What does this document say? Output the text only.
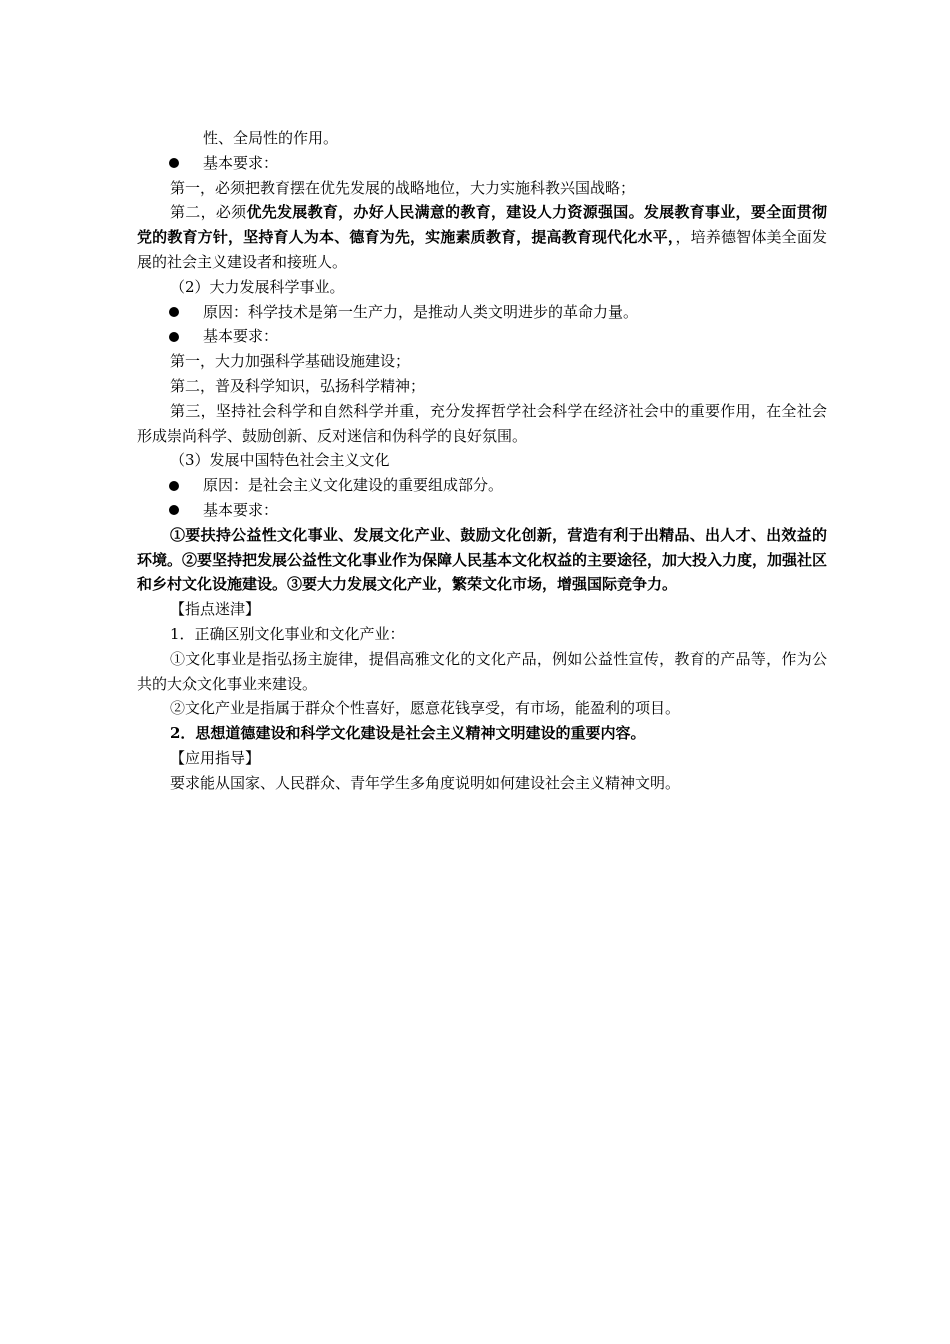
性、全局性的作用。
基本要求：
第一，必须把教育摆在优先发展的战略地位，大力实施科教兴国战略；
第二，必须优先发展教育，办好人民满意的教育，建设人力资源强国。发展教育事业，要全面贯彻党的教育方针，坚持育人为本、德育为先，实施素质教育，提高教育现代化水平，，培养德智体美全面发展的社会主义建设者和接班人。
（2）大力发展科学事业。
原因：科学技术是第一生产力，是推动人类文明进步的革命力量。
基本要求：
第一，大力加强科学基础设施建设；
第二，普及科学知识，弘扬科学精神；
第三，坚持社会科学和自然科学并重，充分发挥哲学社会科学在经济社会中的重要作用，在全社会形成崇尚科学、鼓励创新、反对迷信和伪科学的良好氛围。
（3）发展中国特色社会主义文化
原因：是社会主义文化建设的重要组成部分。
基本要求：
①要扶持公益性文化事业、发展文化产业、鼓励文化创新，营造有利于出精品、出人才、出效益的环境。②要坚持把发展公益性文化事业作为保障人民基本文化权益的主要途径，加大投入力度，加强社区和乡村文化设施建设。③要大力发展文化产业，繁荣文化市场，增强国际竞争力。
【指点迷津】
1．正确区别文化事业和文化产业：
①文化事业是指弘扬主旋律，提倡高雅文化的文化产品，例如公益性宣传，教育的产品等，作为公共的大众文化事业来建设。
②文化产业是指属于群众个性喜好，愿意花钱享受，有市场，能盈利的项目。
2．思想道德建设和科学文化建设是社会主义精神文明建设的重要内容。
【应用指导】
要求能从国家、人民群众、青年学生多角度说明如何建设社会主义精神文明。
